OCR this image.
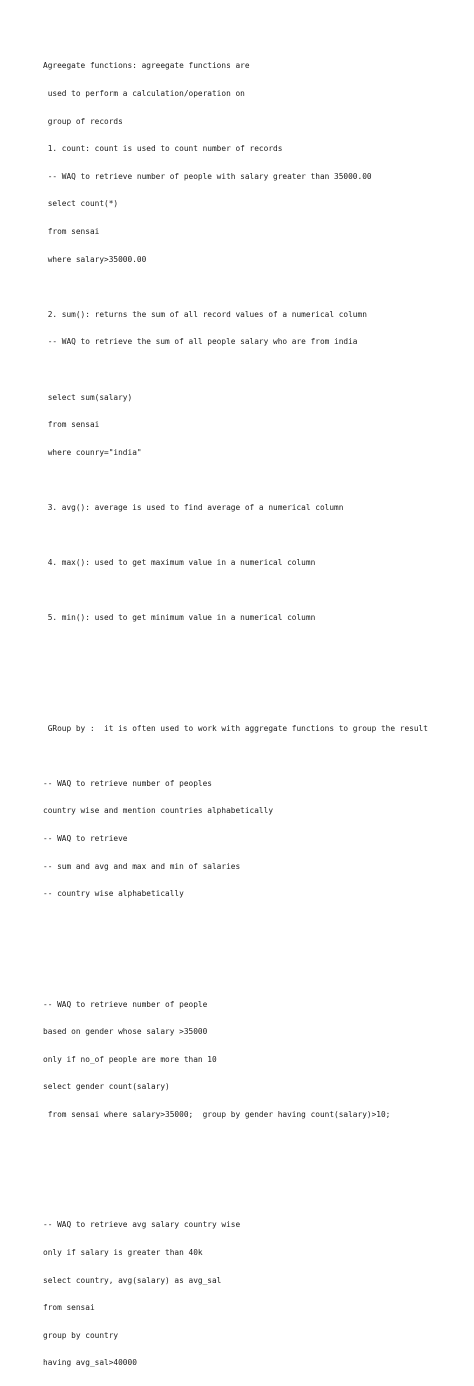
Agreegate functions: agreegate functions are

used to perform a calculation/operation on

group of records

1. count: count is used to count number of records

-- WAQ to retrieve number of people with salary greater than 35000.00

select count(*)

from sensai

where salary>35000.00

2. sum(): returns the sum of all record values of a numerical column

-- WAQ to retrieve the sum of all people salary who are from india

select sum(salary)

from sensai

where counry="india"

3. avg(): average is used to find average of a numerical column

4. max(): used to get maximum value in a numerical column

5. min(): used to get minimum value in a numerical column

GRoup by :  it is often used to work with aggregate functions to group the result

-- WAQ to retrieve number of peoples

country wise and mention countries alphabetically

-- WAQ to retrieve

-- sum and avg and max and min of salaries

-- country wise alphabetically

-- WAQ to retrieve number of people

based on gender whose salary >35000

only if no_of people are more than 10

select gender count(salary)

from sensai where salary>35000;  group by gender having count(salary)>10;

-- WAQ to retrieve avg salary country wise

only if salary is greater than 40k

select country, avg(salary) as avg_sal

from sensai

group by country

having avg_sal>40000
